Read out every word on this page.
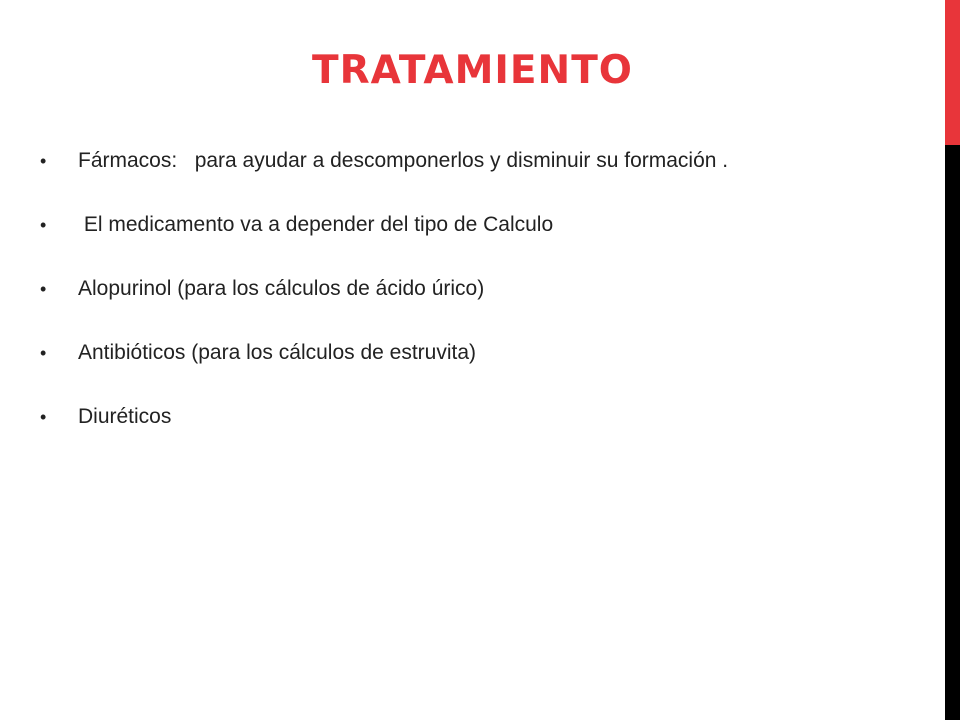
TRATAMIENTO
• Fármacos:   para ayudar a descomponerlos y disminuir su formación .
• El medicamento va a depender del tipo de Calculo
• Alopurinol (para los cálculos de ácido úrico)
• Antibióticos (para los cálculos de estruvita)
• Diuréticos
